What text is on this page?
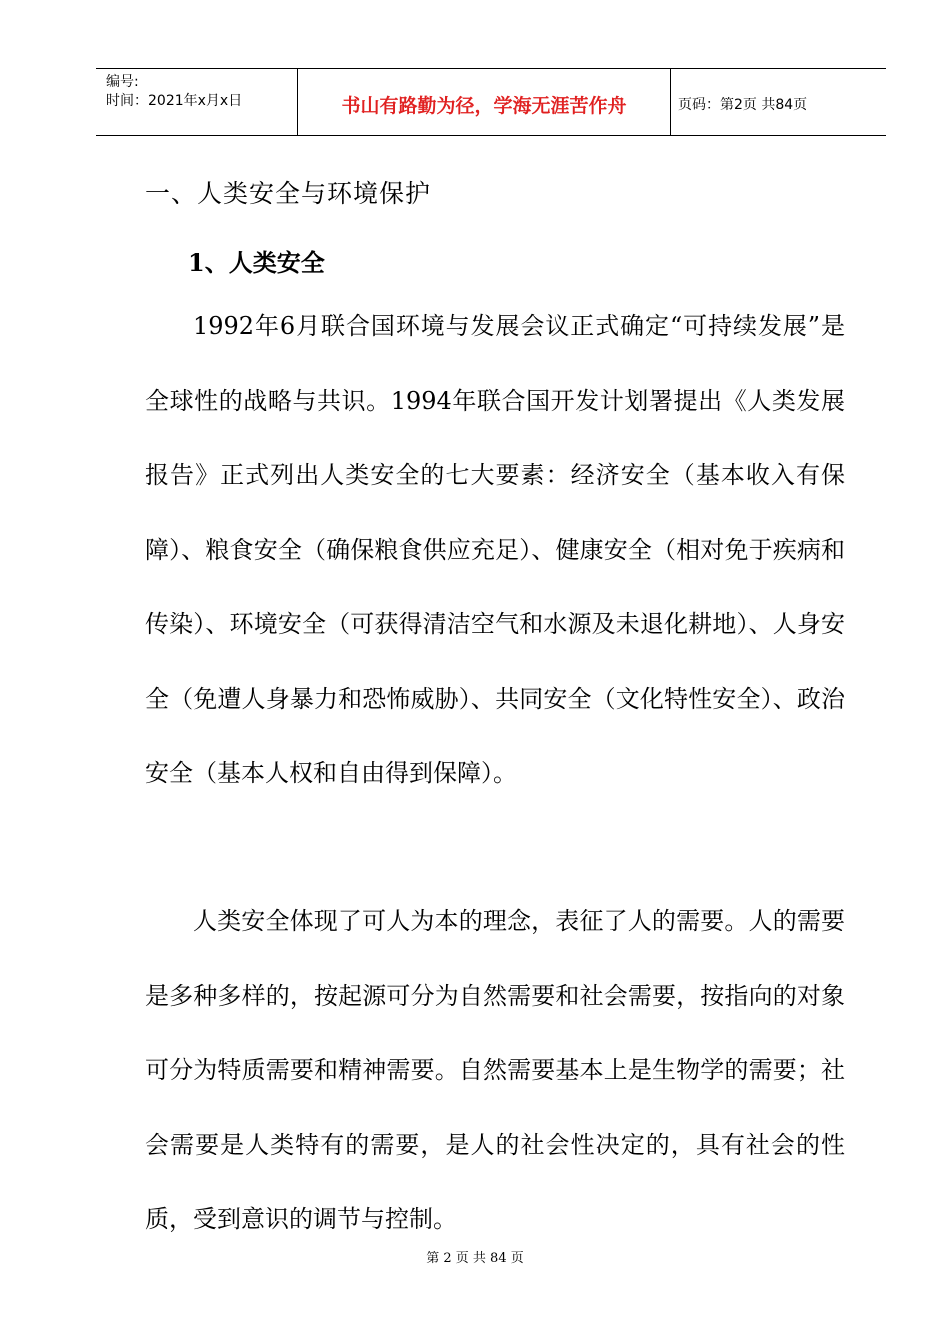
编号:
时间：2021年x月x日	书山有路勤为径，学海无涯苦作舟	页码：第2页 共84页
一、人类安全与环境保护
1、人类安全

1992年6月联合国环境与发展会议正式确定“可持续发展”是全球性的战略与共识。1994年联合国开发计划署提出《人类发展报告》正式列出人类安全的七大要素：经济安全（基本收入有保障）、粮食安全（确保粮食供应充足）、健康安全（相对免于疾病和传染）、环境安全（可获得清洁空气和水源及未退化耕地）、人身安全（免遭人身暴力和恐怖威胁）、共同安全（文化特性安全）、政治安全（基本人权和自由得到保障）。

人类安全体现了可人为本的理念，表征了人的需要。人的需要是多种多样的，按起源可分为自然需要和社会需要，按指向的对象可分为特质需要和精神需要。自然需要基本上是生物学的需要；社会需要是人类特有的需要，是人的社会性决定的，具有社会的性质，受到意识的调节与控制。

第 2 页 共 84 页
